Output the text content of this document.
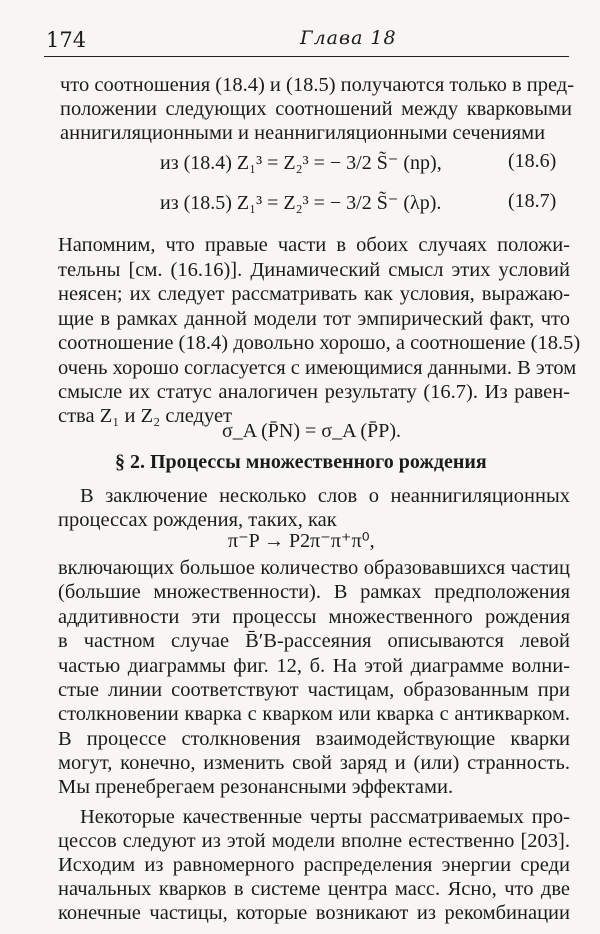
174	Глава 18

что соотношения (18.4) и (18.5) получаются только в пред-

положении следующих соотношений между кварковыми

аннигиляционными и неаннигиляционными сечениями

из (18.4) Z₁³ = Z₂³ = − 3/2 S̃⁻ (np),	(18.6)
из (18.5) Z₁³ = Z₂³ = − 3/2 S̃⁻ (λp).	(18.7)

Напомним, что правые части в обоих случаях положи-

тельны [см. (16.16)]. Динамический смысл этих условий

неясен; их следует рассматривать как условия, выражаю-

щие в рамках данной модели тот эмпирический факт, что

соотношение (18.4) довольно хорошо, а соотношение (18.5)

очень хорошо согласуется с имеющимися данными. В этом

смысле их статус аналогичен результату (16.7). Из равен-

ства Z₁ и Z₂ следует

σ_A (P̄N) = σ_A (P̄P).
§ 2. Процессы множественного рождения

В заключение несколько слов о неаннигиляционных

процессах рождения, таких, как

π⁻P → P2π⁻π⁺π⁰,

включающих большое количество образовавшихся частиц

(большие множественности). В рамках предположения

аддитивности эти процессы множественного рождения

в частном случае B̄′B-рассеяния описываются левой

частью диаграммы фиг. 12, б. На этой диаграмме волни-

стые линии соответствуют частицам, образованным при

столкновении кварка с кварком или кварка с антикварком.

В процессе столкновения взаимодействующие кварки

могут, конечно, изменить свой заряд и (или) странность.

Мы пренебрегаем резонансными эффектами.

Некоторые качественные черты рассматриваемых про-

цессов следуют из этой модели вполне естественно [203].

Исходим из равномерного распределения энергии среди

начальных кварков в системе центра масс. Ясно, что две

конечные частицы, которые возникают из рекомбинации
